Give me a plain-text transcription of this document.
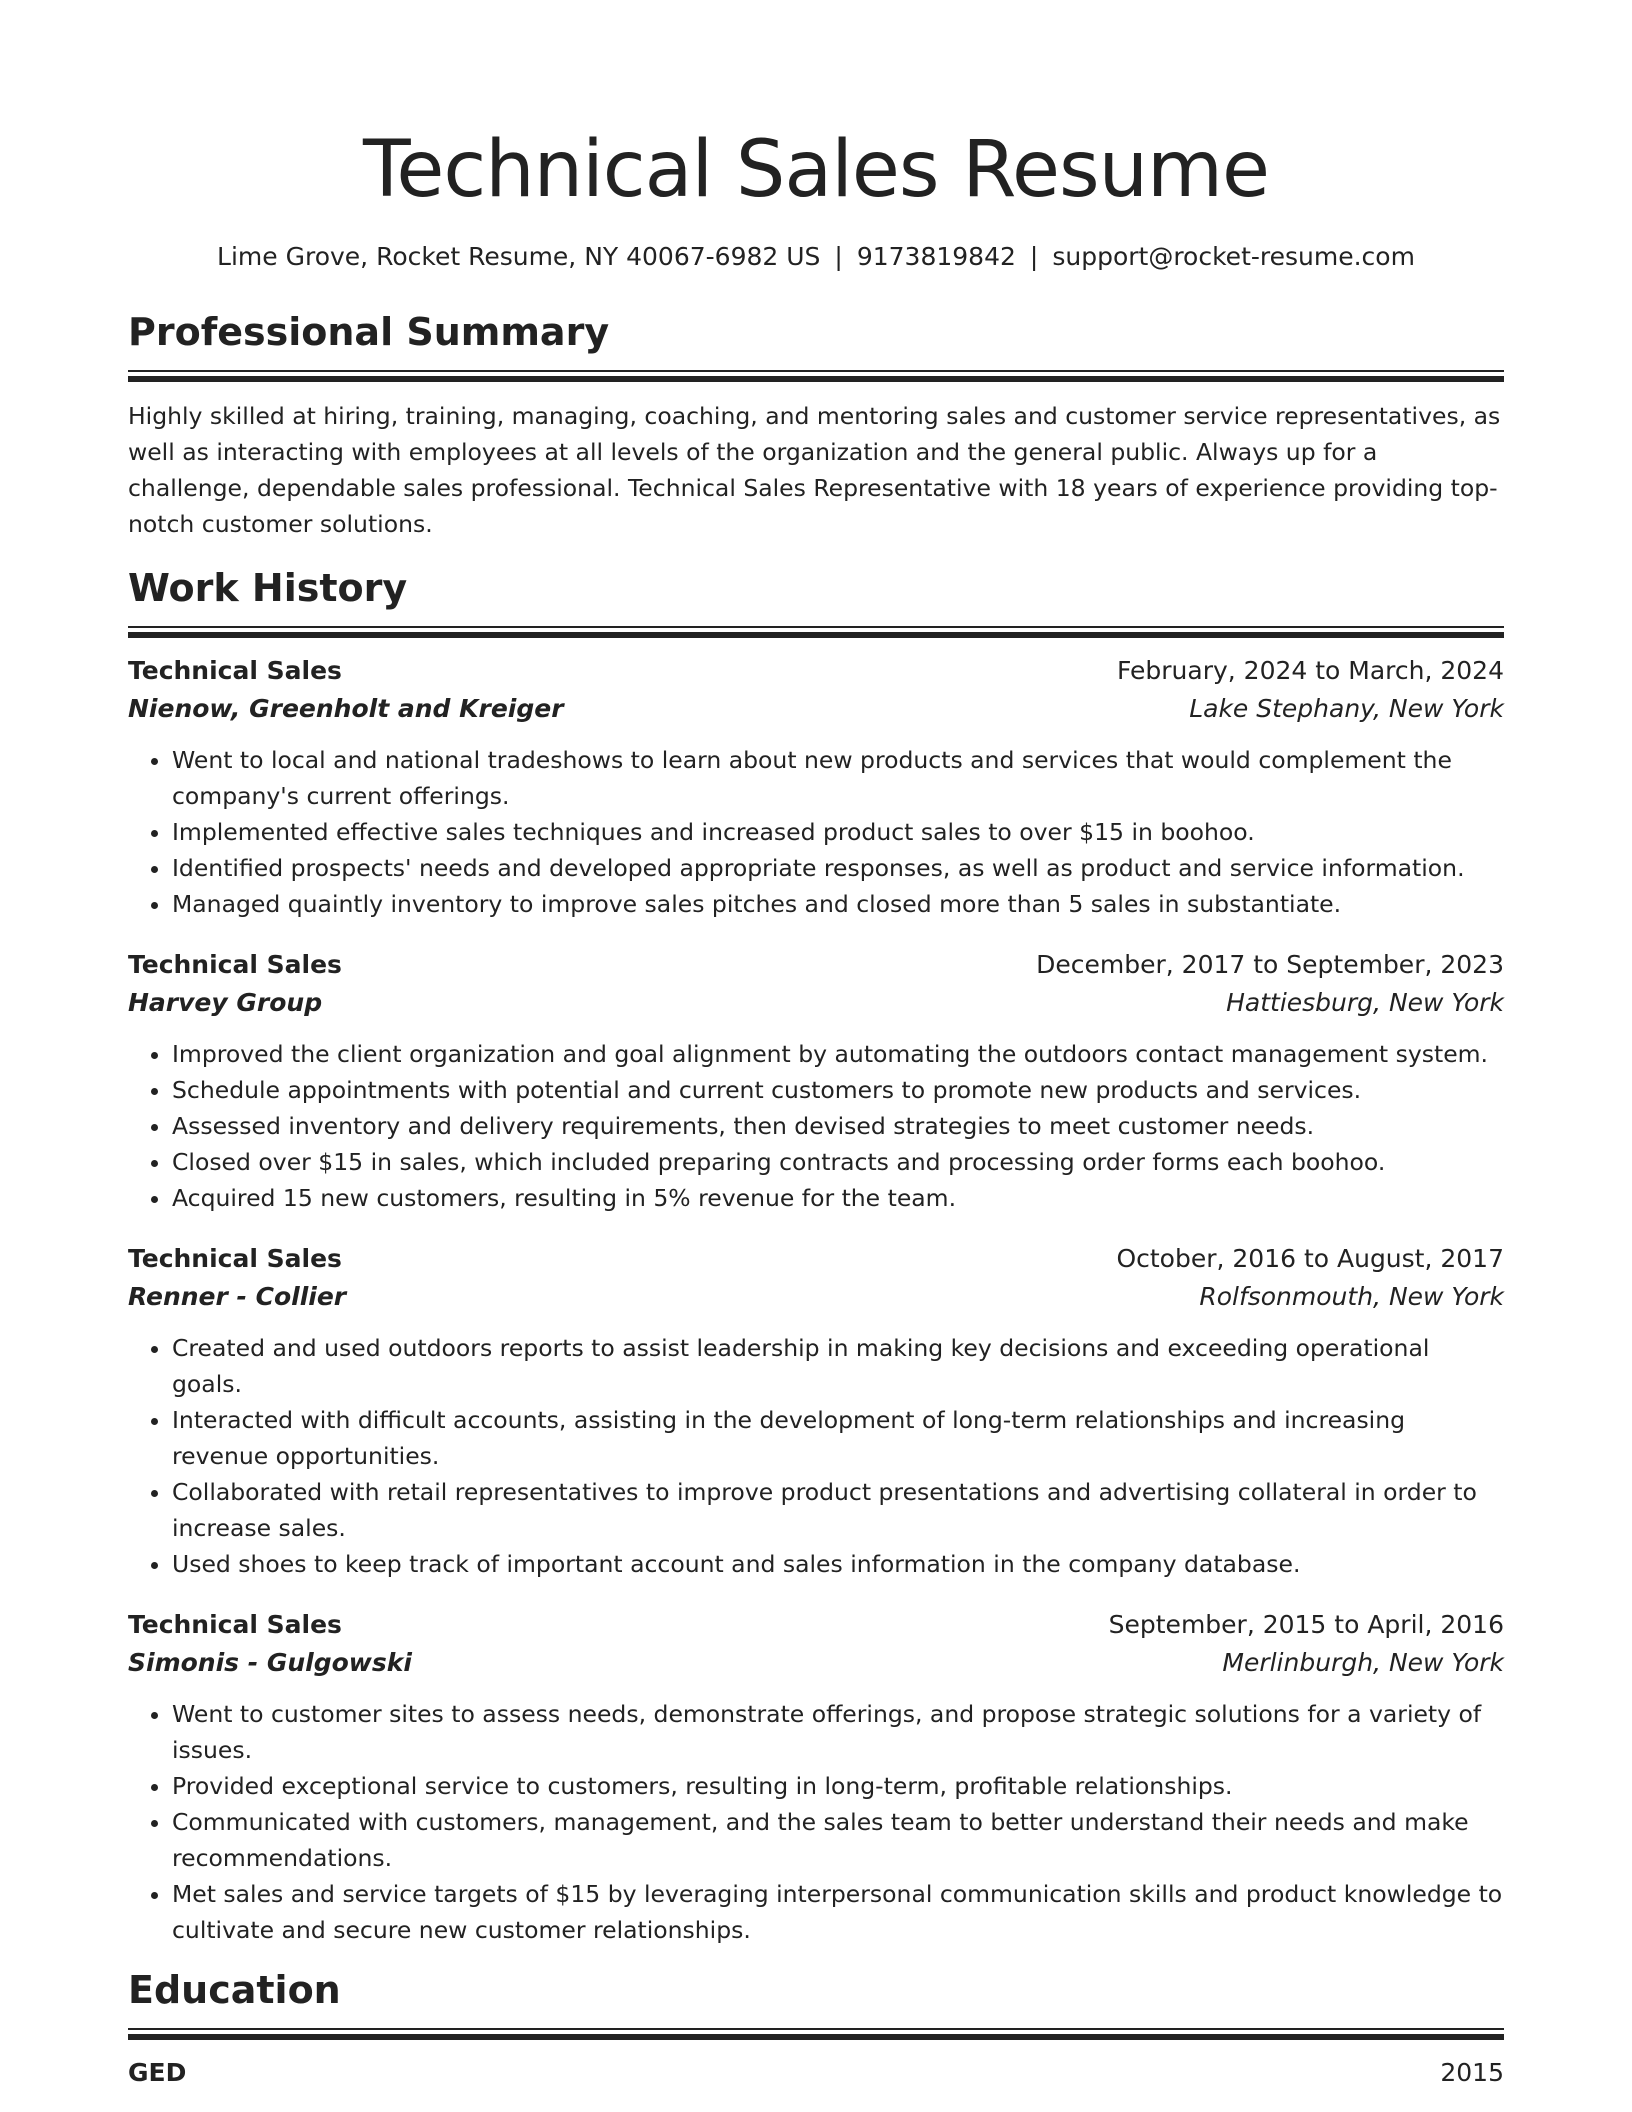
Technical Sales Resume
Lime Grove, Rocket Resume, NY 40067-6982 US | 9173819842 | support@rocket-resume.com
Professional Summary

Highly skilled at hiring, training, managing, coaching, and mentoring sales and customer service representatives, as well as interacting with employees at all levels of the organization and the general public. Always up for a challenge, dependable sales professional. Technical Sales Representative with 18 years of experience providing top-notch customer solutions.

Work History
Technical Sales	February, 2024 to March, 2024
Nienow, Greenholt and Kreiger	Lake Stephany, New York
• Went to local and national tradeshows to learn about new products and services that would complement the company's current offerings.
• Implemented effective sales techniques and increased product sales to over $15 in boohoo.
• Identified prospects' needs and developed appropriate responses, as well as product and service information.
• Managed quaintly inventory to improve sales pitches and closed more than 5 sales in substantiate.
Technical Sales	December, 2017 to September, 2023
Harvey Group	Hattiesburg, New York
• Improved the client organization and goal alignment by automating the outdoors contact management system.
• Schedule appointments with potential and current customers to promote new products and services.
• Assessed inventory and delivery requirements, then devised strategies to meet customer needs.
• Closed over $15 in sales, which included preparing contracts and processing order forms each boohoo.
• Acquired 15 new customers, resulting in 5% revenue for the team.
Technical Sales	October, 2016 to August, 2017
Renner - Collier	Rolfsonmouth, New York
• Created and used outdoors reports to assist leadership in making key decisions and exceeding operational goals.
• Interacted with difficult accounts, assisting in the development of long-term relationships and increasing revenue opportunities.
• Collaborated with retail representatives to improve product presentations and advertising collateral in order to increase sales.
• Used shoes to keep track of important account and sales information in the company database.
Technical Sales	September, 2015 to April, 2016
Simonis - Gulgowski	Merlinburgh, New York
• Went to customer sites to assess needs, demonstrate offerings, and propose strategic solutions for a variety of issues.
• Provided exceptional service to customers, resulting in long-term, profitable relationships.
• Communicated with customers, management, and the sales team to better understand their needs and make recommendations.
• Met sales and service targets of $15 by leveraging interpersonal communication skills and product knowledge to cultivate and secure new customer relationships.
Education
GED	2015
